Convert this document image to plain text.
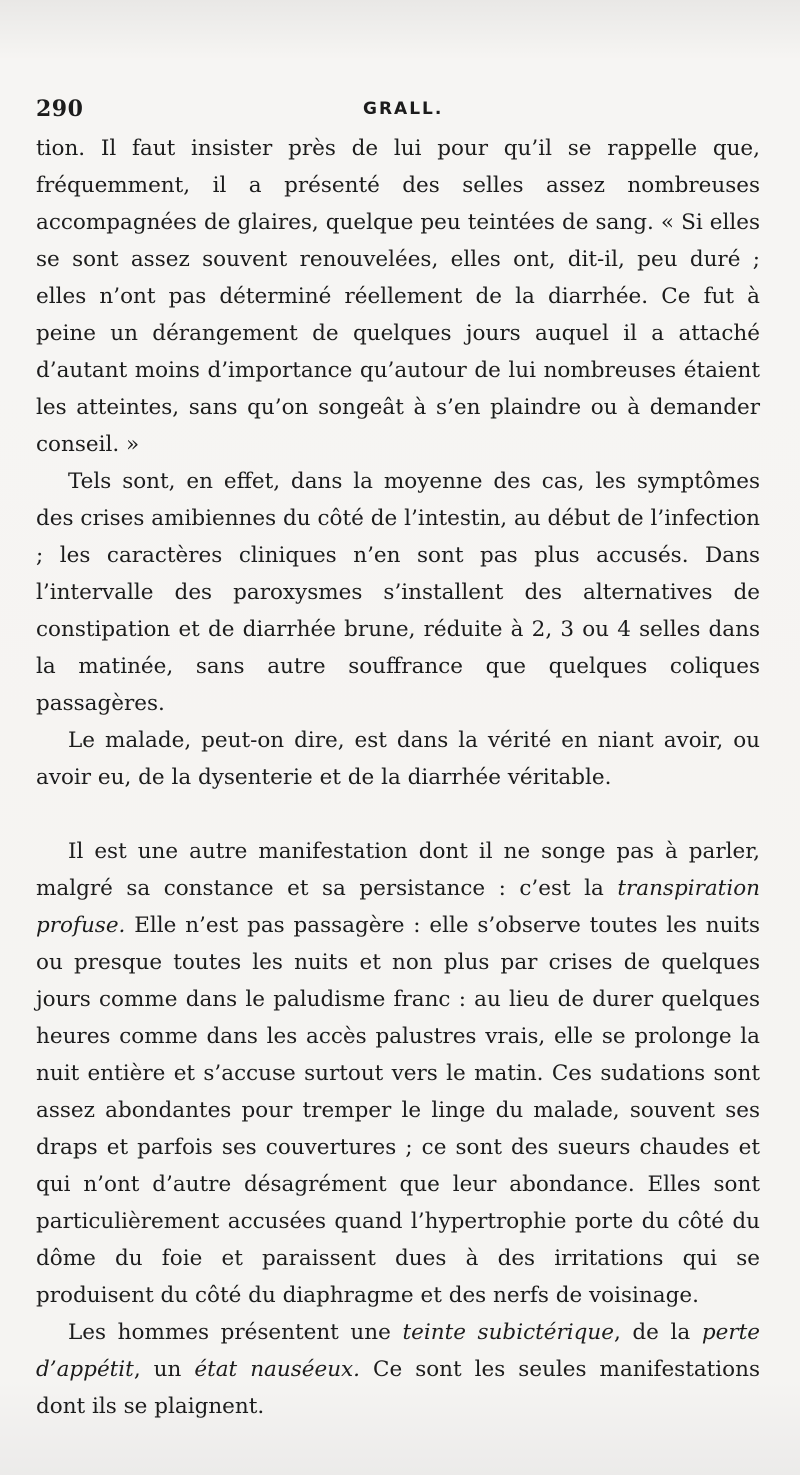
290	GRALL.

tion. Il faut insister près de lui pour qu’il se rappelle que, fréquemment, il a présenté des selles assez nombreuses accompagnées de glaires, quelque peu teintées de sang. « Si elles se sont assez souvent renouvelées, elles ont, dit-il, peu duré ; elles n’ont pas déterminé réellement de la diarrhée. Ce fut à peine un dérangement de quelques jours auquel il a attaché d’autant moins d’importance qu’autour de lui nombreuses étaient les atteintes, sans qu’on songeât à s’en plaindre ou à demander conseil. »

Tels sont, en effet, dans la moyenne des cas, les symptômes des crises amibiennes du côté de l’intestin, au début de l’infection ; les caractères cliniques n’en sont pas plus accusés. Dans l’intervalle des paroxysmes s’installent des alternatives de constipation et de diarrhée brune, réduite à 2, 3 ou 4 selles dans la matinée, sans autre souffrance que quelques coliques passagères.

Le malade, peut-on dire, est dans la vérité en niant avoir, ou avoir eu, de la dysenterie et de la diarrhée véritable.

Il est une autre manifestation dont il ne songe pas à parler, malgré sa constance et sa persistance : c’est la transpiration profuse. Elle n’est pas passagère : elle s’observe toutes les nuits ou presque toutes les nuits et non plus par crises de quelques jours comme dans le paludisme franc : au lieu de durer quelques heures comme dans les accès palustres vrais, elle se prolonge la nuit entière et s’accuse surtout vers le matin. Ces sudations sont assez abondantes pour tremper le linge du malade, souvent ses draps et parfois ses couvertures ; ce sont des sueurs chaudes et qui n’ont d’autre désagrément que leur abondance. Elles sont particulièrement accusées quand l’hypertrophie porte du côté du dôme du foie et paraissent dues à des irritations qui se produisent du côté du diaphragme et des nerfs de voisinage.

Les hommes présentent une teinte subictérique, de la perte d’appétit, un état nauséeux. Ce sont les seules manifestations dont ils se plaignent.
